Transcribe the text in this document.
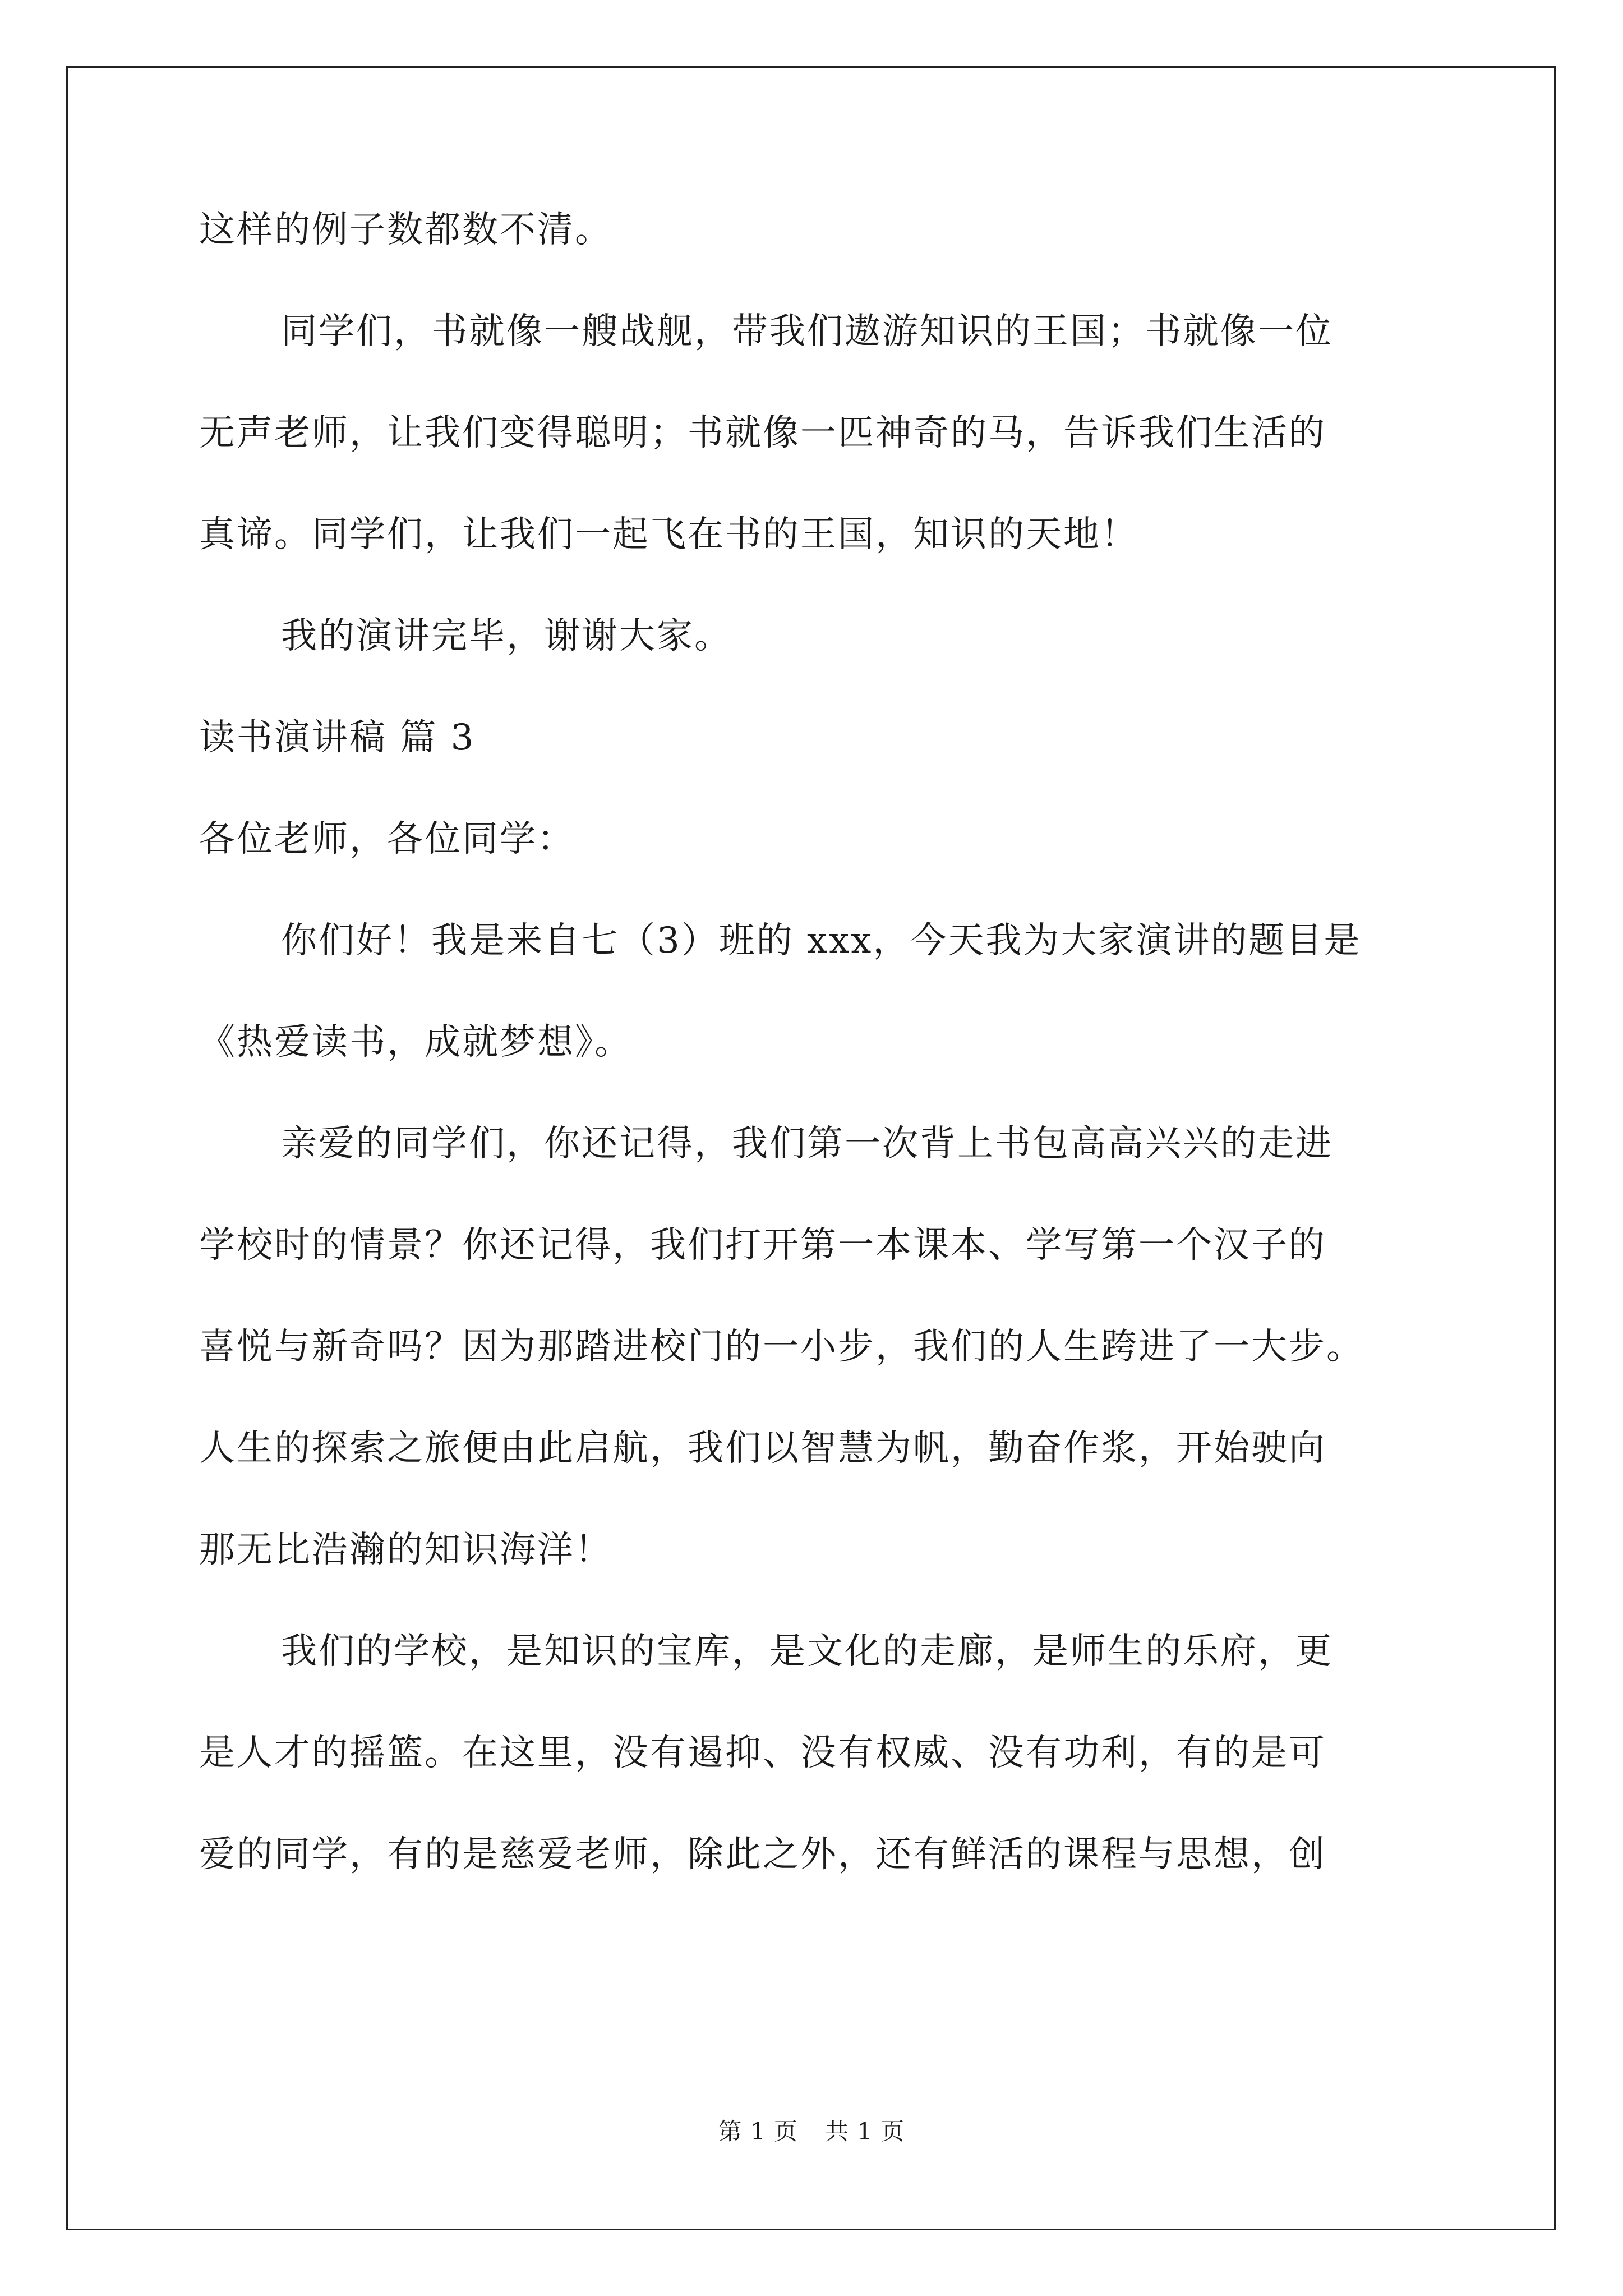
这样的例子数都数不清。
同学们，书就像一艘战舰，带我们遨游知识的王国；书就像一位
无声老师，让我们变得聪明；书就像一匹神奇的马，告诉我们生活的
真谛。同学们，让我们一起飞在书的王国，知识的天地！
我的演讲完毕，谢谢大家。
读书演讲稿 篇 3
各位老师，各位同学：
你们好！我是来自七（3）班的 xxx，今天我为大家演讲的题目是
《热爱读书，成就梦想》。
亲爱的同学们，你还记得，我们第一次背上书包高高兴兴的走进
学校时的情景？你还记得，我们打开第一本课本、学写第一个汉子的
喜悦与新奇吗？因为那踏进校门的一小步，我们的人生跨进了一大步。
人生的探索之旅便由此启航，我们以智慧为帆，勤奋作浆，开始驶向
那无比浩瀚的知识海洋！
我们的学校，是知识的宝库，是文化的走廊，是师生的乐府，更
是人才的摇篮。在这里，没有遏抑、没有权威、没有功利，有的是可
爱的同学，有的是慈爱老师，除此之外，还有鲜活的课程与思想，创
第 1 页 共 1 页
